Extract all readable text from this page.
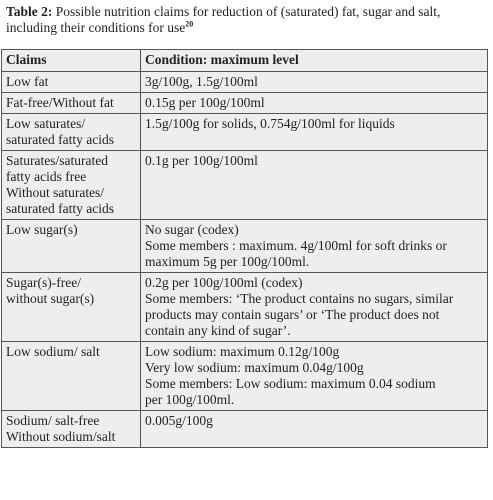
Table 2: Possible nutrition claims for reduction of (saturated) fat, sugar and salt, including their conditions for use$^{20}$
Claims	Condition: maximum level

Low fat	3g/100g, 1.5g/100ml

Fat-free/Without fat	0.15g per 100g/100ml

Low saturates/
saturated fatty acids	1.5g/100g for solids, 0.754g/100ml for liquids

Saturates/saturated
fatty acids free
Without saturates/
saturated fatty acids	0.1g per 100g/100ml

Low sugar(s)	No sugar (codex)
Some members : maximum. 4g/100ml for soft drinks or
maximum 5g per 100g/100ml.

Sugar(s)-free/
without sugar(s)	0.2g per 100g/100ml (codex)
Some members: ‘The product contains no sugars, similar
products may contain sugars’ or ‘The product does not
contain any kind of sugar’.

Low sodium/ salt	Low sodium: maximum 0.12g/100g
Very low sodium: maximum 0.04g/100g
Some members: Low sodium: maximum 0.04 sodium
per 100g/100ml.

Sodium/ salt-free
Without sodium/salt	0.005g/100g
